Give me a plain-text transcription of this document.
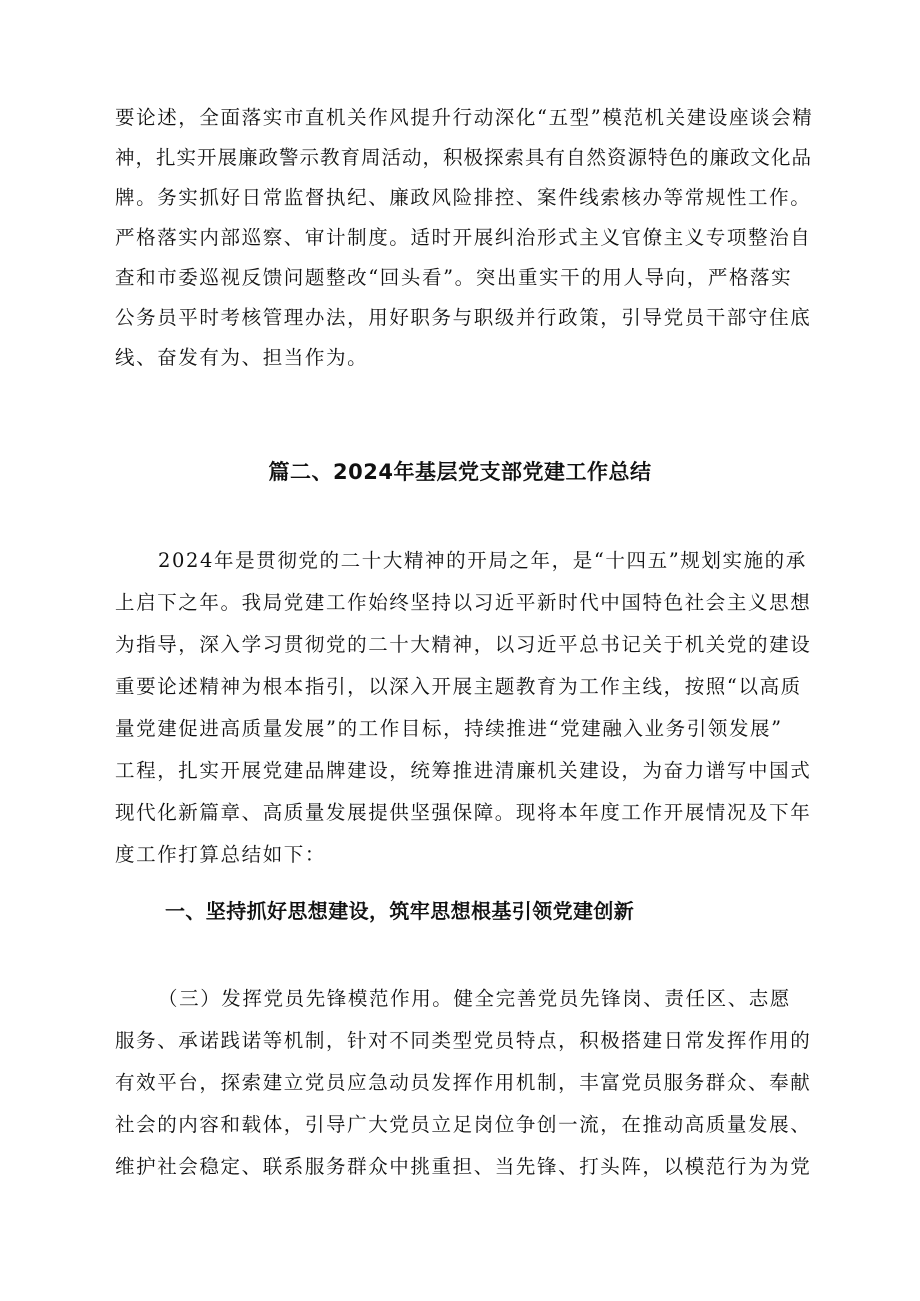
要论述，全面落实市直机关作风提升行动深化“五型”模范机关建设座谈会精
神，扎实开展廉政警示教育周活动，积极探索具有自然资源特色的廉政文化品
牌。务实抓好日常监督执纪、廉政风险排控、案件线索核办等常规性工作。
严格落实内部巡察、审计制度。适时开展纠治形式主义官僚主义专项整治自
查和市委巡视反馈问题整改“回头看”。突出重实干的用人导向，严格落实
公务员平时考核管理办法，用好职务与职级并行政策，引导党员干部守住底
线、奋发有为、担当作为。
篇二、2024年基层党支部党建工作总结
2024年是贯彻党的二十大精神的开局之年，是“十四五”规划实施的承
上启下之年。我局党建工作始终坚持以习近平新时代中国特色社会主义思想
为指导，深入学习贯彻党的二十大精神，以习近平总书记关于机关党的建设
重要论述精神为根本指引，以深入开展主题教育为工作主线，按照“以高质
量党建促进高质量发展”的工作目标，持续推进“党建融入业务引领发展”
工程，扎实开展党建品牌建设，统筹推进清廉机关建设，为奋力谱写中国式
现代化新篇章、高质量发展提供坚强保障。现将本年度工作开展情况及下年
度工作打算总结如下：
一、坚持抓好思想建设，筑牢思想根基引领党建创新
（三）发挥党员先锋模范作用。健全完善党员先锋岗、责任区、志愿
服务、承诺践诺等机制，针对不同类型党员特点，积极搭建日常发挥作用的
有效平台，探索建立党员应急动员发挥作用机制，丰富党员服务群众、奉献
社会的内容和载体，引导广大党员立足岗位争创一流，在推动高质量发展、
维护社会稳定、联系服务群众中挑重担、当先锋、打头阵，以模范行为为党
